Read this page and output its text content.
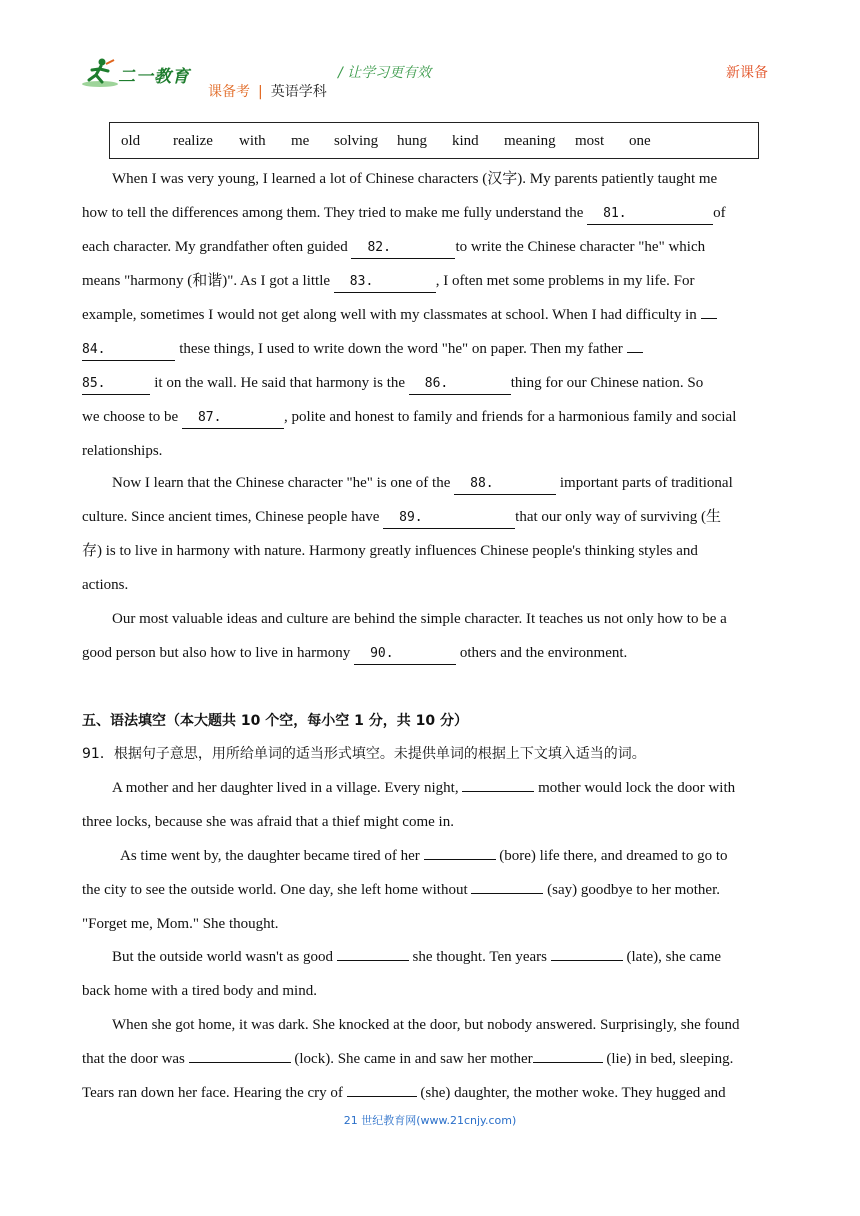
二一教育	/ 让学习更有效	新课备
课备考 | 英语学科
old realize with me solving hung kind meaning most one

When I was very young, I learned a lot of Chinese characters (汉字). My parents patiently taught me
how to tell the differences among them. They tried to make me fully understand the 81.	of
each character. My grandfather often guided 82.	to write the Chinese character "he" which
means "harmony (和谐)". As I got a little 83.	, I often met some problems in my life. For
example, sometimes I would not get along well with my classmates at school. When I had difficulty in
84.	these things, I used to write down the word "he" on paper. Then my father
85.	it on the wall. He said that harmony is the 86.	thing for our Chinese nation. So
we choose to be 87.	, polite and honest to family and friends for a harmonious family and social
relationships.

Now I learn that the Chinese character "he" is one of the 88.	important parts of traditional
culture. Since ancient times, Chinese people have 89.	that our only way of surviving (生
存) is to live in harmony with nature. Harmony greatly influences Chinese people's thinking styles and
actions.

Our most valuable ideas and culture are behind the simple character. It teaches us not only how to be a
good person but also how to live in harmony 90.	others and the environment.

五、语法填空（本大题共 10 个空，每小空 1 分，共 10 分）
91．根据句子意思，用所给单词的适当形式填空。未提供单词的根据上下文填入适当的词。

A mother and her daughter lived in a village. Every night,	mother would lock the door with
three locks, because she was afraid that a thief might come in.

As time went by, the daughter became tired of her	(bore) life there, and dreamed to go to
the city to see the outside world. One day, she left home without	(say) goodbye to her mother.
"Forget me, Mom." She thought.

But the outside world wasn't as good	she thought. Ten years	(late), she came
back home with a tired body and mind.

When she got home, it was dark. She knocked at the door, but nobody answered. Surprisingly, she found
that the door was	(lock). She came in and saw her mother	(lie) in bed, sleeping.
Tears ran down her face. Hearing the cry of	(she) daughter, the mother woke. They hugged and

21 世纪教育网(www.21cnjy.com)
